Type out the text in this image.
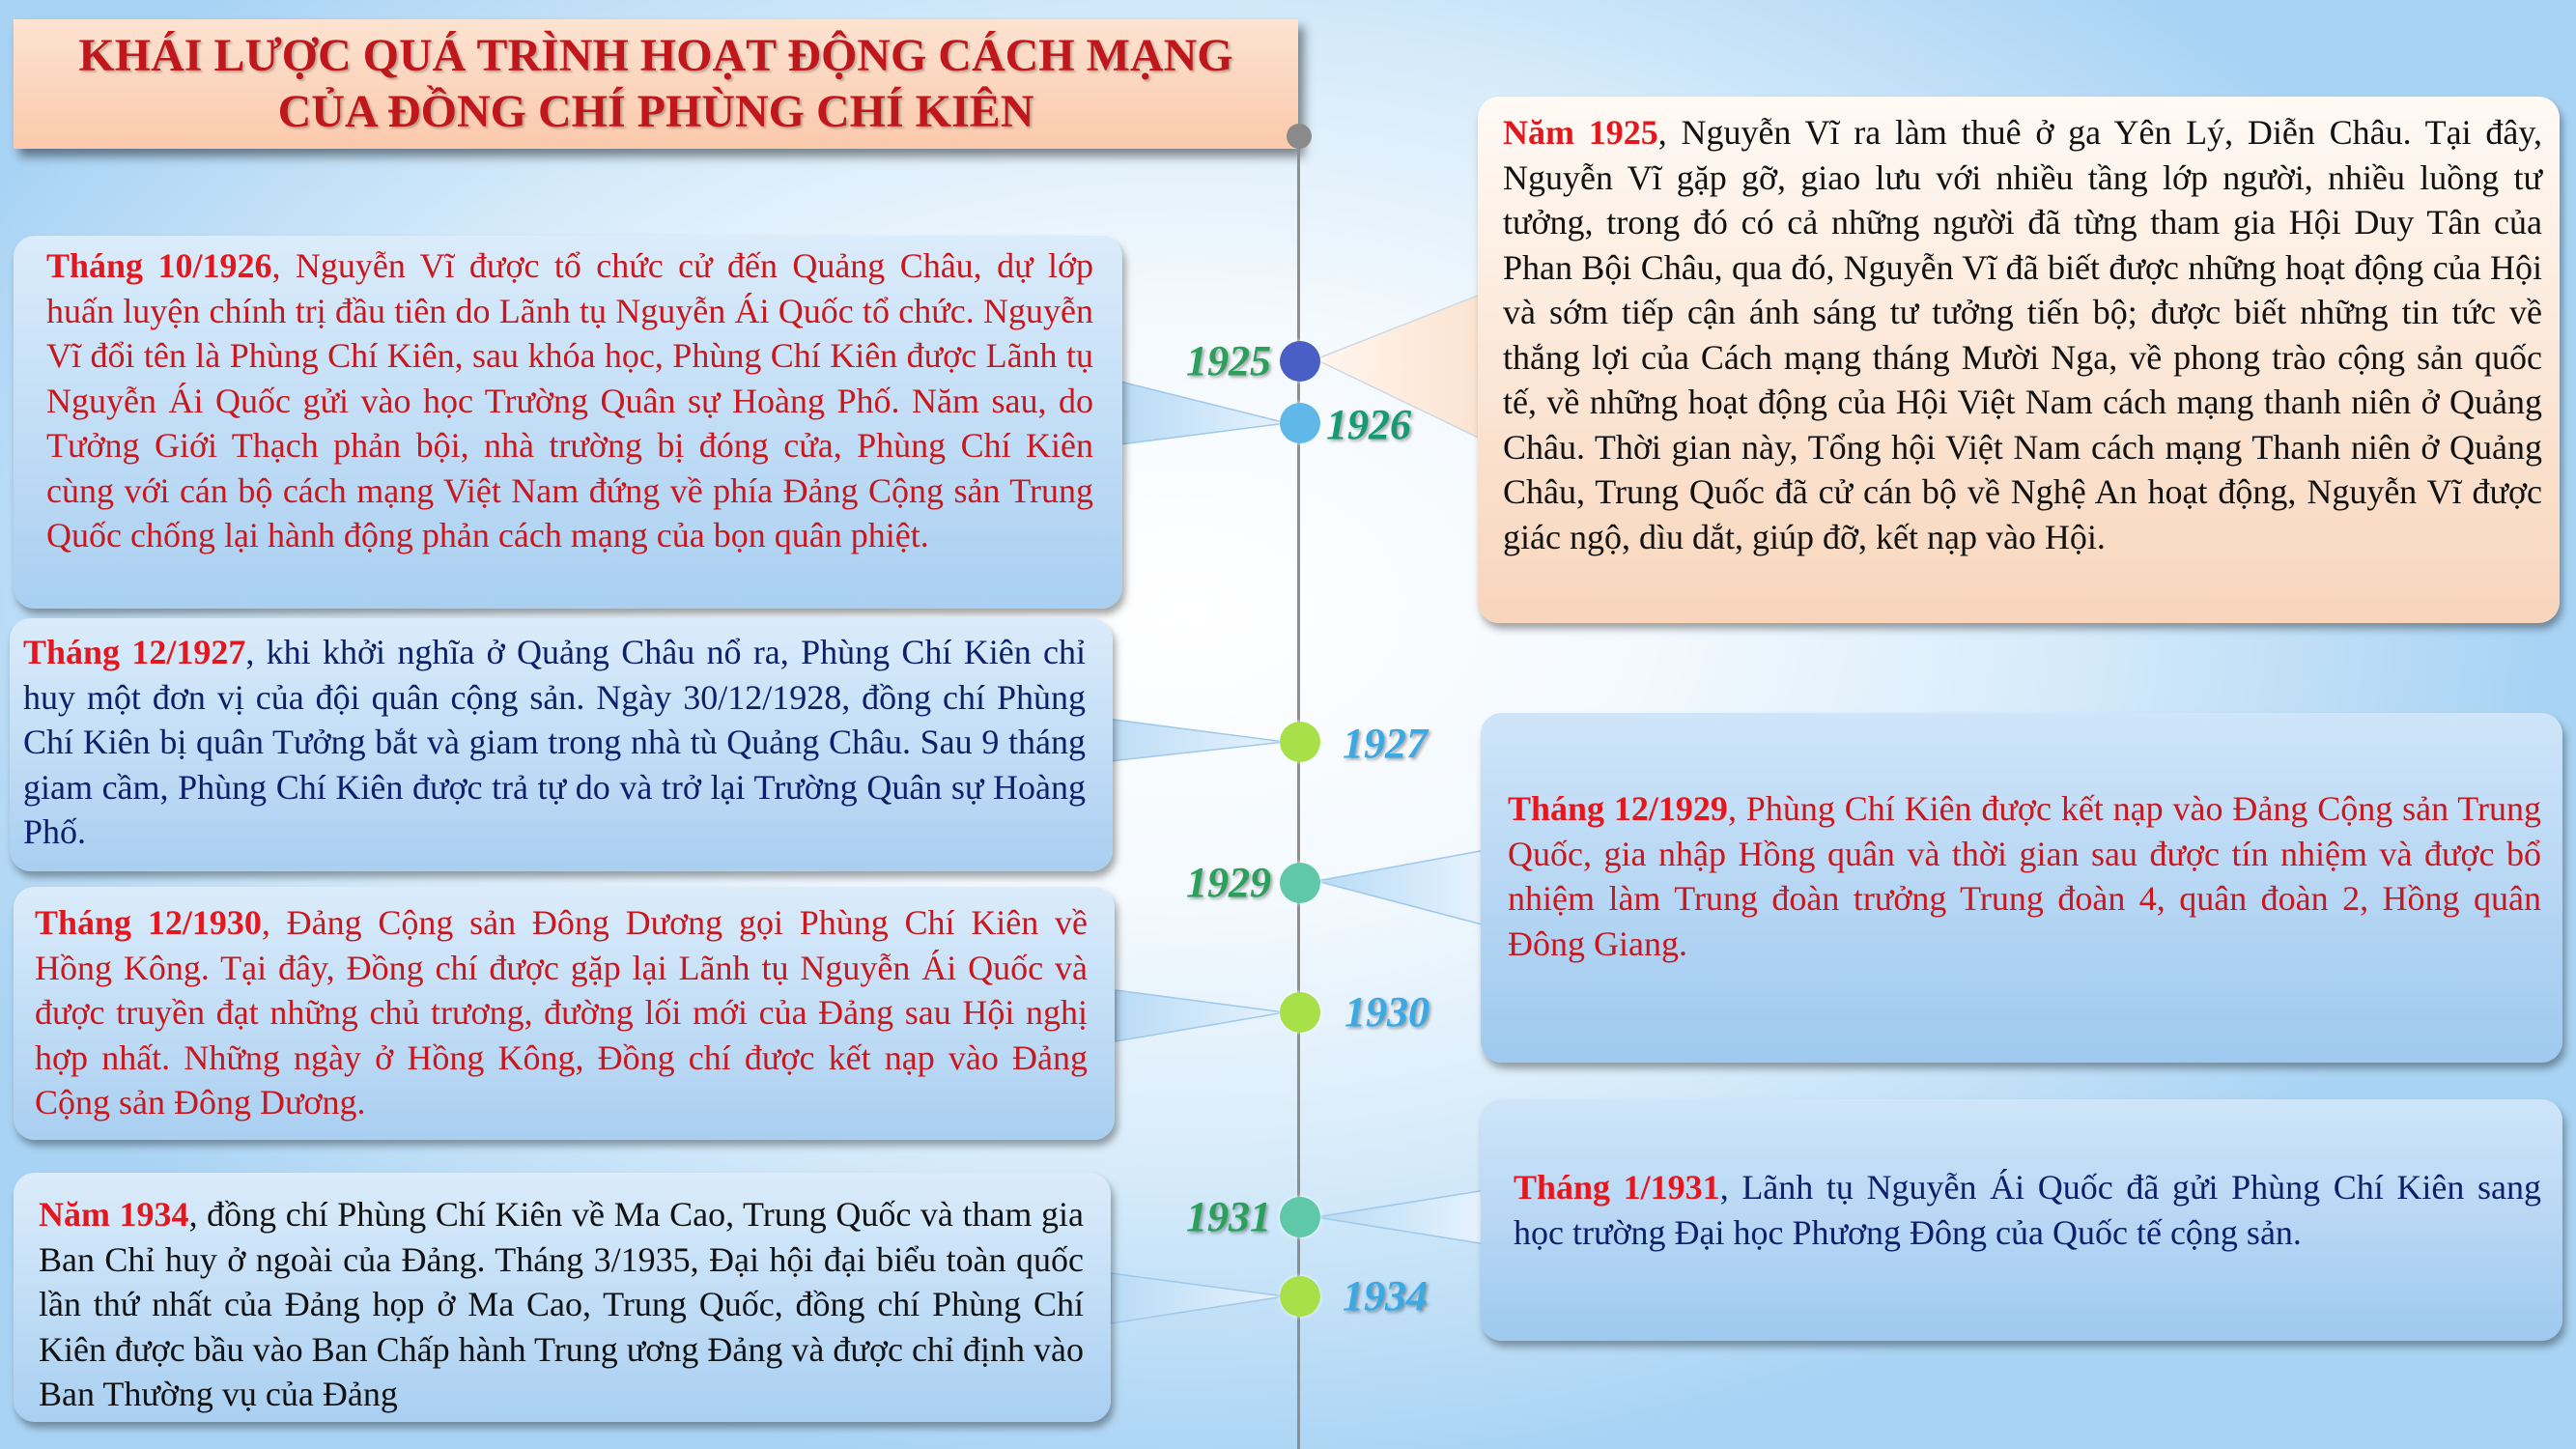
KHÁI LƯỢC QUÁ TRÌNH HOẠT ĐỘNG CÁCH MẠNG
CỦA ĐỒNG CHÍ PHÙNG CHÍ KIÊN
1925
1926
1927
1929
1930
1931
1934
Năm 1925, Nguyễn Vĩ ra làm thuê ở ga Yên Lý, Diễn Châu. Tại đây, Nguyễn Vĩ gặp gỡ, giao lưu với nhiều tầng lớp người, nhiều luồng tư tưởng, trong đó có cả những người đã từng tham gia Hội Duy Tân của Phan Bội Châu, qua đó, Nguyễn Vĩ đã biết được những hoạt động của Hội và sớm tiếp cận ánh sáng tư tưởng tiến bộ; được biết những tin tức về thắng lợi của Cách mạng tháng Mười Nga, về phong trào cộng sản quốc tế, về những hoạt động của Hội Việt Nam cách mạng thanh niên ở Quảng Châu. Thời gian này, Tổng hội Việt Nam cách mạng Thanh niên ở Quảng Châu, Trung Quốc đã cử cán bộ về Nghệ An hoạt động, Nguyễn Vĩ được giác ngộ, dìu dắt, giúp đỡ, kết nạp vào Hội.
Tháng 10/1926, Nguyễn Vĩ được tổ chức cử đến Quảng Châu, dự lớp huấn luyện chính trị đầu tiên do Lãnh tụ Nguyễn Ái Quốc tổ chức. Nguyễn Vĩ đổi tên là Phùng Chí Kiên, sau khóa học, Phùng Chí Kiên được Lãnh tụ Nguyễn Ái Quốc gửi vào học Trường Quân sự Hoàng Phố. Năm sau, do Tưởng Giới Thạch phản bội, nhà trường bị đóng cửa, Phùng Chí Kiên cùng với cán bộ cách mạng Việt Nam đứng về phía Đảng Cộng sản Trung Quốc chống lại hành động phản cách mạng của bọn quân phiệt.
Tháng 12/1927, khi khởi nghĩa ở Quảng Châu nổ ra, Phùng Chí Kiên chỉ huy một đơn vị của đội quân cộng sản. Ngày 30/12/1928, đồng chí Phùng Chí Kiên bị quân Tưởng bắt và giam trong nhà tù Quảng Châu. Sau 9 tháng giam cầm, Phùng Chí Kiên được trả tự do và trở lại Trường Quân sự Hoàng Phố.
Tháng 12/1929, Phùng Chí Kiên được kết nạp vào Đảng Cộng sản Trung Quốc, gia nhập Hồng quân và thời gian sau được tín nhiệm và được bổ nhiệm làm Trung đoàn trưởng Trung đoàn 4, quân đoàn 2, Hồng quân Đông Giang.
Tháng 12/1930, Đảng Cộng sản Đông Dương gọi Phùng Chí Kiên về Hồng Kông. Tại đây, Đồng chí được gặp lại Lãnh tụ Nguyễn Ái Quốc và được truyền đạt những chủ trương, đường lối mới của Đảng sau Hội nghị hợp nhất. Những ngày ở Hồng Kông, Đồng chí được kết nạp vào Đảng Cộng sản Đông Dương.
Tháng 1/1931, Lãnh tụ Nguyễn Ái Quốc đã gửi Phùng Chí Kiên sang học trường Đại học Phương Đông của Quốc tế cộng sản.
Năm 1934, đồng chí Phùng Chí Kiên về Ma Cao, Trung Quốc và tham gia Ban Chỉ huy ở ngoài của Đảng. Tháng 3/1935, Đại hội đại biểu toàn quốc lần thứ nhất của Đảng họp ở Ma Cao, Trung Quốc, đồng chí Phùng Chí Kiên được bầu vào Ban Chấp hành Trung ương Đảng và được chỉ định vào Ban Thường vụ của Đảng
